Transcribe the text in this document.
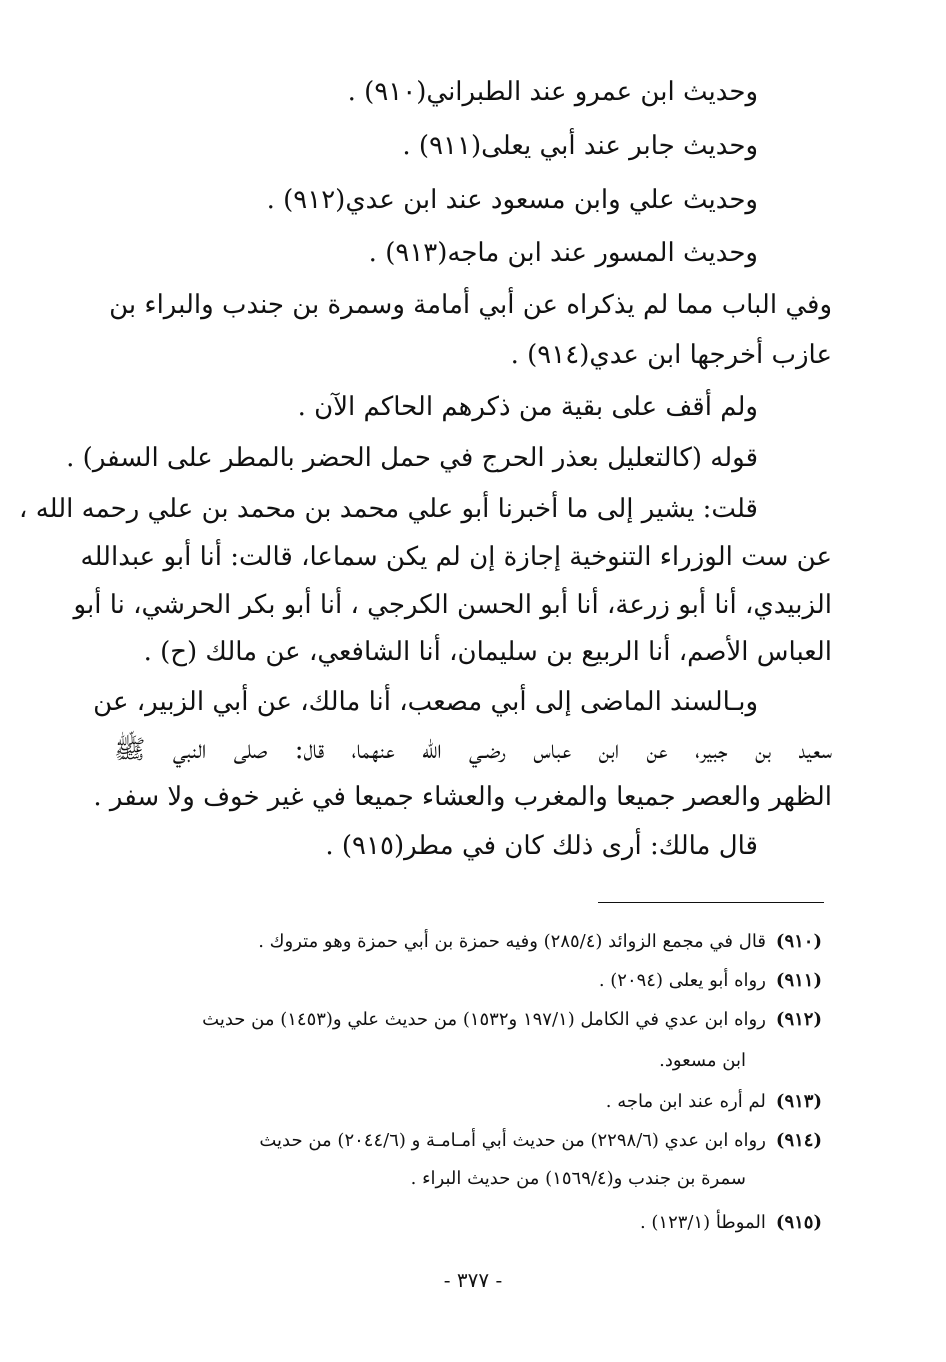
وحديث ابن عمرو عند الطبراني(٩١٠) .
وحديث جابر عند أبي يعلى(٩١١) .
وحديث علي وابن مسعود عند ابن عدي(٩١٢) .
وحديث المسور عند ابن ماجه(٩١٣) .
وفي الباب مما لم يذكراه عن أبي أمامة وسمرة بن جندب والبراء بن
عازب أخرجها ابن عدي(٩١٤) .
ولم أقف على بقية من ذكرهم الحاكم الآن .
قوله (كالتعليل بعذر الحرج في حمل الحضر بالمطر على السفر) .
قلت: يشير إلى ما أخبرنا أبو علي محمد بن محمد بن علي رحمه الله ،
عن ست الوزراء التنوخية إجازة إن لم يكن سماعا، قالت: أنا أبو عبدالله
الزبيدي، أنا أبو زرعة، أنا أبو الحسن الكرجي ، أنا أبو بكر الحرشي، نا أبو
العباس الأصم، أنا الربيع بن سليمان، أنا الشافعي، عن مالك (ح) .
وبـالسند الماضى إلى أبي مصعب، أنا مالك، عن أبي الزبير، عن
سعيد بن جبير، عن ابن عباس رضـي الله عنهما، قال: صلى النبي ﷺ
الظهر والعصر جميعا والمغرب والعشاء جميعا في غير خوف ولا سفر .
قال مالك: أرى ذلك كان في مطر(٩١٥) .
(٩١٠)قال في مجمع الزوائد (٢٨٥/٤) وفيه حمزة بن أبي حمزة وهو متروك .
(٩١١)رواه أبو يعلى (٢٠٩٤) .
(٩١٢)رواه ابن عدي في الكامل (١٩٧/١ و١٥٣٢) من حديث علي و(١٤٥٣) من حديث
ابن مسعود.
(٩١٣)لم أره عند ابن ماجه .
(٩١٤)رواه ابن عدي (٢٢٩٨/٦) من حديث أبي أمـامـة و (٢٠٤٤/٦) من حديث
سمرة بن جندب و(١٥٦٩/٤) من حديث البراء .
(٩١٥)الموطأ (١٢٣/١) .
- ٣٧٧ -
